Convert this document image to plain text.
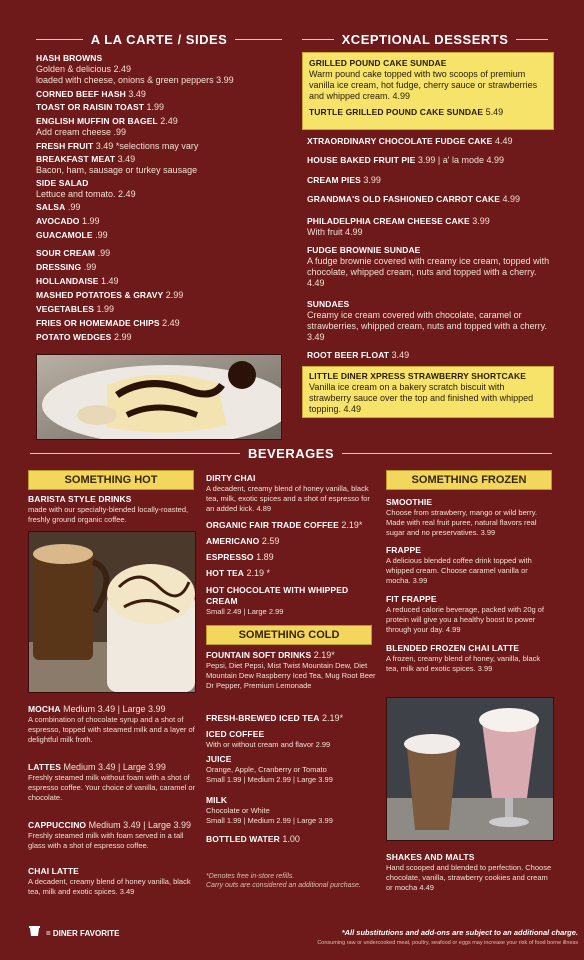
A LA CARTE / SIDES
HASH BROWNS
Golden & delicious 2.49
loaded with cheese, onions & green peppers 3.99
CORNED BEEF HASH 3.49
TOAST OR RAISIN TOAST 1.99
ENGLISH MUFFIN OR BAGEL 2.49
Add cream cheese .99
FRESH FRUIT 3.49 *selections may vary
BREAKFAST MEAT 3.49
Bacon, ham, sausage or turkey sausage
SIDE SALAD
Lettuce and tomato. 2.49
SALSA .99
AVOCADO 1.99
GUACAMOLE .99
SOUR CREAM .99
DRESSING .99
HOLLANDAISE 1.49
MASHED POTATOES & GRAVY 2.99
VEGETABLES 1.99
FRIES OR HOMEMADE CHIPS 2.49
POTATO WEDGES 2.99
XCEPTIONAL DESSERTS
GRILLED POUND CAKE SUNDAE
Warm pound cake topped with two scoops of premium vanilla ice cream, hot fudge, cherry sauce or strawberries and whipped cream. 4.99
TURTLE GRILLED POUND CAKE SUNDAE 5.49
XTRAORDINARY CHOCOLATE FUDGE CAKE 4.49
HOUSE BAKED FRUIT PIE 3.99 | a' la mode 4.99
CREAM PIES 3.99
GRANDMA'S OLD FASHIONED CARROT CAKE 4.99
PHILADELPHIA CREAM CHEESE CAKE 3.99
With fruit 4.99
FUDGE BROWNIE SUNDAE
A fudge brownie covered with creamy ice cream, topped with chocolate, whipped cream, nuts and topped with a cherry. 4.49
SUNDAES
Creamy ice cream covered with chocolate, caramel or strawberries, whipped cream, nuts and topped with a cherry. 3.49
ROOT BEER FLOAT 3.49
LITTLE DINER XPRESS STRAWBERRY SHORTCAKE
Vanilla ice cream on a bakery scratch biscuit with strawberry sauce over the top and finished with whipped topping. 4.49
BEVERAGES
SOMETHING HOT
BARISTA STYLE DRINKS
made with our specialty-blended locally-roasted, freshly ground organic coffee.
MOCHA Medium 3.49 | Large 3.99
A combination of chocolate syrup and a shot of espresso, topped with steamed milk and a layer of delightful milk froth.
LATTES Medium 3.49 | Large 3.99
Freshly steamed milk without foam with a shot of espresso coffee. Your choice of vanilla, caramel or chocolate.
CAPPUCCINO Medium 3.49 | Large 3.99
Freshly steamed milk with foam served in a tall glass with a shot of espresso coffee.
CHAI LATTE
A decadent, creamy blend of honey vanilla, black tea, milk and exotic spices. 3.49
DIRTY CHAI
A decadent, creamy blend of honey vanilla, black tea, milk, exotic spices and a shot of espresso for an added kick. 4.89
ORGANIC FAIR TRADE COFFEE 2.19*
AMERICANO 2.59
ESPRESSO 1.89
HOT TEA 2.19 *
HOT CHOCOLATE WITH WHIPPED CREAM
Small 2.49 | Large 2.99
SOMETHING COLD
FOUNTAIN SOFT DRINKS 2.19*
Pepsi, Diet Pepsi, Mist Twist Mountain Dew, Diet Mountain Dew Raspberry Iced Tea, Mug Root Beer Dr Pepper, Premium Lemonade
FRESH-BREWED ICED TEA 2.19*
ICED COFFEE
With or without cream and flavor 2.99
JUICE
Orange, Apple, Cranberry or Tomato
Small 1.99 | Medium 2.99 | Large 3.99
MILK
Chocolate or White
Small 1.99 | Medium 2.99 | Large 3.99
BOTTLED WATER 1.00
*Denotes free in-store refills.
Carry outs are considered an additional purchase.
SOMETHING FROZEN
SMOOTHIE
Choose from strawberry, mango or wild berry. Made with real fruit puree, natural flavors real sugar and no preservatives. 3.99
FRAPPE
A delicious blended coffee drink topped with whipped cream. Choose caramel vanilla or mocha. 3.99
FIT FRAPPE
A reduced calorie beverage, packed with 20g of protein will give you a healthy boost to power through your day. 4.99
BLENDED FROZEN CHAI LATTE
A frozen, creamy blend of honey, vanilla, black tea, milk and exotic spices. 3.99
SHAKES AND MALTS
Hand scooped and blended to perfection. Choose chocolate, vanilla, strawberry cookies and cream or mocha 4.49
= DINER FAVORITE	*All substitutions and add-ons are subject to an additional charge.
Consuming raw or undercooked meat, poultry, seafood or eggs may increase your risk of food borne illness
